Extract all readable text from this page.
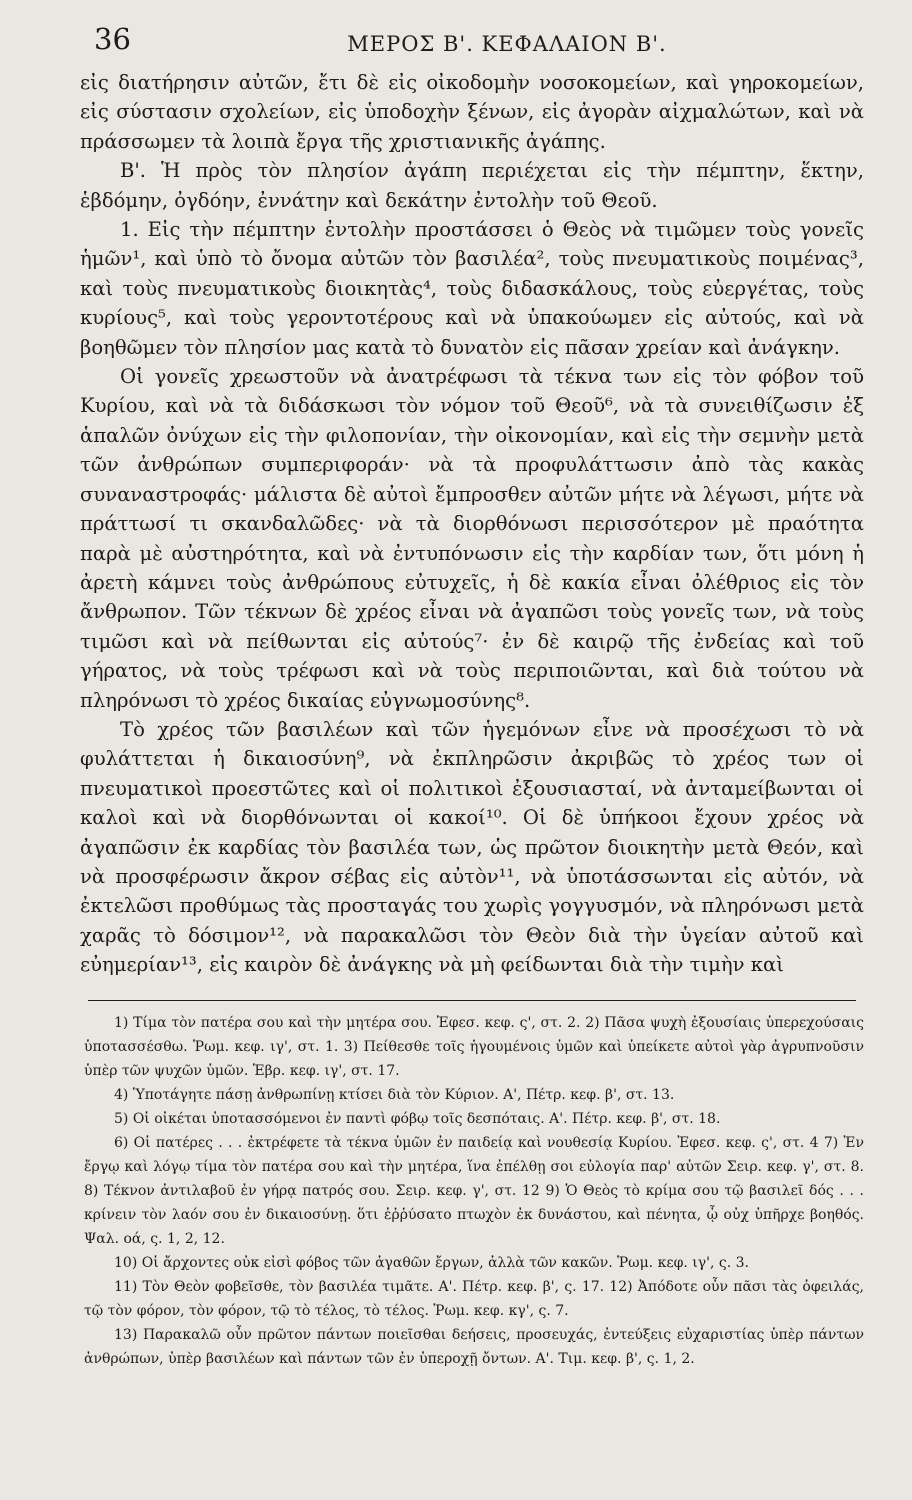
36	ΜΕΡΟΣ Β'. ΚΕΦΑΛΑΙΟΝ Β'.

εἰς διατήρησιν αὐτῶν, ἔτι δὲ εἰς οἰκοδομὴν νοσοκομείων, καὶ γηροκομείων, εἰς σύστασιν σχολείων, εἰς ὑποδοχὴν ξένων, εἰς ἀγορὰν αἰχμαλώτων, καὶ νὰ πράσσωμεν τὰ λοιπὰ ἔργα τῆς χριστιανικῆς ἀγάπης.

Β'. Ἡ πρὸς τὸν πλησίον ἀγάπη περιέχεται εἰς τὴν πέμπτην, ἕκτην, ἑβδόμην, ὀγδόην, ἐννάτην καὶ δεκάτην ἐντολὴν τοῦ Θεοῦ.

1. Εἰς τὴν πέμπτην ἐντολὴν προστάσσει ὁ Θεὸς νὰ τιμῶμεν τοὺς γονεῖς ἡμῶν¹, καὶ ὑπὸ τὸ ὄνομα αὐτῶν τὸν βασιλέα², τοὺς πνευματικοὺς ποιμένας³, καὶ τοὺς πνευματικοὺς διοικητὰς⁴, τοὺς διδασκάλους, τοὺς εὐεργέτας, τοὺς κυρίους⁵, καὶ τοὺς γεροντοτέρους καὶ νὰ ὑπακούωμεν εἰς αὐτούς, καὶ νὰ βοηθῶμεν τὸν πλησίον μας κατὰ τὸ δυνατὸν εἰς πᾶσαν χρείαν καὶ ἀνάγκην.

Οἱ γονεῖς χρεωστοῦν νὰ ἀνατρέφωσι τὰ τέκνα των εἰς τὸν φόβον τοῦ Κυρίου, καὶ νὰ τὰ διδάσκωσι τὸν νόμον τοῦ Θεοῦ⁶, νὰ τὰ συνειθίζωσιν ἐξ ἁπαλῶν ὀνύχων εἰς τὴν φιλοπονίαν, τὴν οἰκονομίαν, καὶ εἰς τὴν σεμνὴν μετὰ τῶν ἀνθρώπων συμπεριφοράν· νὰ τὰ προφυλάττωσιν ἀπὸ τὰς κακὰς συναναστροφάς· μάλιστα δὲ αὐτοὶ ἔμπροσθεν αὐτῶν μήτε νὰ λέγωσι, μήτε νὰ πράττωσί τι σκανδαλῶδες· νὰ τὰ διορθόνωσι περισσότερον μὲ πραότητα παρὰ μὲ αὐστηρότητα, καὶ νὰ ἐντυπόνωσιν εἰς τὴν καρδίαν των, ὅτι μόνη ἡ ἀρετὴ κάμνει τοὺς ἀνθρώπους εὐτυχεῖς, ἡ δὲ κακία εἶναι ὀλέθριος εἰς τὸν ἄνθρωπον. Τῶν τέκνων δὲ χρέος εἶναι νὰ ἀγαπῶσι τοὺς γονεῖς των, νὰ τοὺς τιμῶσι καὶ νὰ πείθωνται εἰς αὐτούς⁷· ἐν δὲ καιρῷ τῆς ἐνδείας καὶ τοῦ γήρατος, νὰ τοὺς τρέφωσι καὶ νὰ τοὺς περιποιῶνται, καὶ διὰ τούτου νὰ πληρόνωσι τὸ χρέος δικαίας εὐγνωμοσύνης⁸.

Τὸ χρέος τῶν βασιλέων καὶ τῶν ἡγεμόνων εἶνε νὰ προσέχωσι τὸ νὰ φυλάττεται ἡ δικαιοσύνη⁹, νὰ ἐκπληρῶσιν ἀκριβῶς τὸ χρέος των οἱ πνευματικοὶ προεστῶτες καὶ οἱ πολιτικοὶ ἐξουσιασταί, νὰ ἀνταμείβωνται οἱ καλοὶ καὶ νὰ διορθόνωνται οἱ κακοί¹⁰. Οἱ δὲ ὑπήκοοι ἔχουν χρέος νὰ ἀγαπῶσιν ἐκ καρδίας τὸν βασιλέα των, ὡς πρῶτον διοικητὴν μετὰ Θεόν, καὶ νὰ προσφέρωσιν ἄκρον σέβας εἰς αὐτὸν¹¹, νὰ ὑποτάσσωνται εἰς αὐτόν, νὰ ἐκτελῶσι προθύμως τὰς προσταγάς του χωρὶς γογγυσμόν, νὰ πληρόνωσι μετὰ χαρᾶς τὸ δόσιμον¹², νὰ παρακαλῶσι τὸν Θεὸν διὰ τὴν ὑγείαν αὐτοῦ καὶ εὐημερίαν¹³, εἰς καιρὸν δὲ ἀνάγκης νὰ μὴ φείδωνται διὰ τὴν τιμὴν καὶ

1) Τίμα τὸν πατέρα σου καὶ τὴν μητέρα σου. Ἐφεσ. κεφ. ς', στ. 2. 2) Πᾶσα ψυχὴ ἐξουσίαις ὑπερεχούσαις ὑποτασσέσθω. Ῥωμ. κεφ. ιγ', στ. 1. 3) Πείθεσθε τοῖς ἡγουμένοις ὑμῶν καὶ ὑπείκετε αὐτοὶ γὰρ ἀγρυπνοῦσιν ὑπὲρ τῶν ψυχῶν ὑμῶν. Ἑβρ. κεφ. ιγ', στ. 17.

4) Ὑποτάγητε πάσῃ ἀνθρωπίνῃ κτίσει διὰ τὸν Κύριον. Α', Πέτρ. κεφ. β', στ. 13.

5) Οἱ οἰκέται ὑποτασσόμενοι ἐν παντὶ φόβῳ τοῖς δεσπόταις. Α'. Πέτρ. κεφ. β', στ. 18.

6) Οἱ πατέρες . . . ἐκτρέφετε τὰ τέκνα ὑμῶν ἐν παιδείᾳ καὶ νουθεσίᾳ Κυρίου. Ἐφεσ. κεφ. ς', στ. 4 7) Ἐν ἔργῳ καὶ λόγῳ τίμα τὸν πατέρα σου καὶ τὴν μητέρα, ἵνα ἐπέλθῃ σοι εὐλογία παρ' αὐτῶν Σειρ. κεφ. γ', στ. 8. 8) Τέκνον ἀντιλαβοῦ ἐν γήρᾳ πατρός σου. Σειρ. κεφ. γ', στ. 12 9) Ὁ Θεὸς τὸ κρίμα σου τῷ βασιλεῖ δός . . . κρίνειν τὸν λαόν σου ἐν δικαιοσύνῃ. ὅτι ἐῤῥύσατο πτωχὸν ἐκ δυνάστου, καὶ πένητα, ᾧ οὐχ ὑπῆρχε βοηθός. Ψαλ. οά, ς. 1, 2, 12.

10) Οἱ ἄρχοντες οὐκ εἰσὶ φόβος τῶν ἀγαθῶν ἔργων, ἀλλὰ τῶν κακῶν. Ῥωμ. κεφ. ιγ', ς. 3.

11) Τὸν Θεὸν φοβεῖσθε, τὸν βασιλέα τιμᾶτε. Α'. Πέτρ. κεφ. β', ς. 17. 12) Ἀπόδοτε οὖν πᾶσι τὰς ὀφειλάς, τῷ τὸν φόρον, τὸν φόρον, τῷ τὸ τέλος, τὸ τέλος. Ῥωμ. κεφ. κγ', ς. 7.

13) Παρακαλῶ οὖν πρῶτον πάντων ποιεῖσθαι δεήσεις, προσευχάς, ἐντεύξεις εὐχαριστίας ὑπὲρ πάντων ἀνθρώπων, ὑπὲρ βασιλέων καὶ πάντων τῶν ἐν ὑπεροχῇ ὄντων. Α'. Τιμ. κεφ. β', ς. 1, 2.
